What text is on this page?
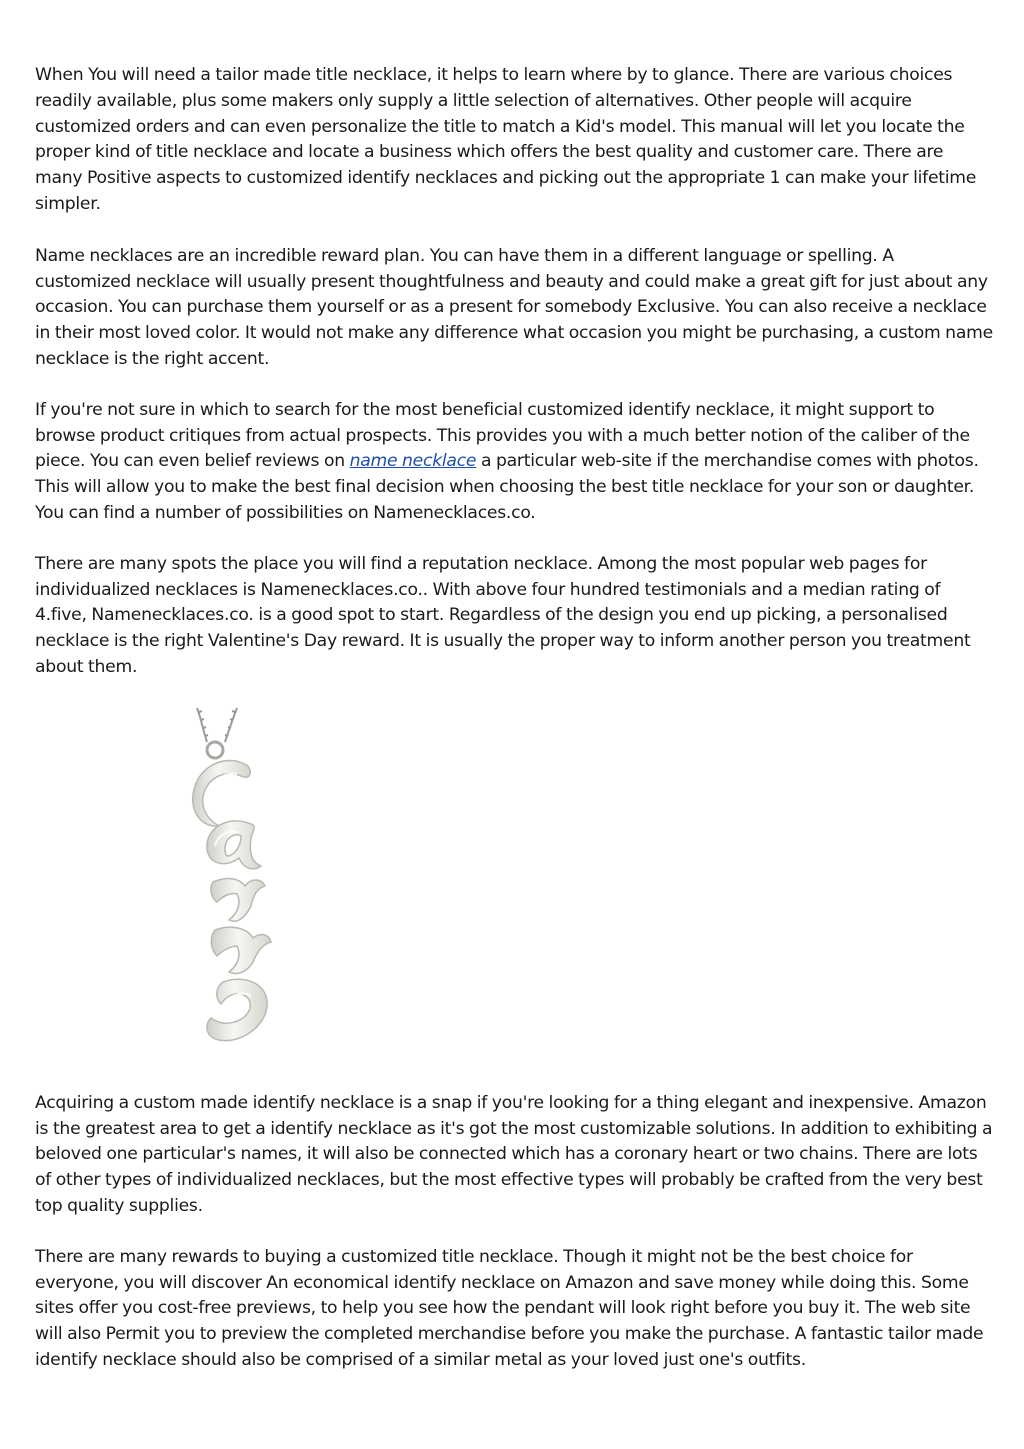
When You will need a tailor made title necklace, it helps to learn where by to glance. There are various choices readily available, plus some makers only supply a little selection of alternatives. Other people will acquire customized orders and can even personalize the title to match a Kid's model. This manual will let you locate the proper kind of title necklace and locate a business which offers the best quality and customer care. There are many Positive aspects to customized identify necklaces and picking out the appropriate 1 can make your lifetime simpler.

Name necklaces are an incredible reward plan. You can have them in a different language or spelling. A customized necklace will usually present thoughtfulness and beauty and could make a great gift for just about any occasion. You can purchase them yourself or as a present for somebody Exclusive. You can also receive a necklace in their most loved color. It would not make any difference what occasion you might be purchasing, a custom name necklace is the right accent.

If you're not sure in which to search for the most beneficial customized identify necklace, it might support to browse product critiques from actual prospects. This provides you with a much better notion of the caliber of the piece. You can even belief reviews on name necklace a particular web-site if the merchandise comes with photos. This will allow you to make the best final decision when choosing the best title necklace for your son or daughter. You can find a number of possibilities on Namenecklaces.co.

There are many spots the place you will find a reputation necklace. Among the most popular web pages for individualized necklaces is Namenecklaces.co.. With above four hundred testimonials and a median rating of 4.five, Namenecklaces.co. is a good spot to start. Regardless of the design you end up picking, a personalised necklace is the right Valentine's Day reward. It is usually the proper way to inform another person you treatment about them.

Acquiring a custom made identify necklace is a snap if you're looking for a thing elegant and inexpensive. Amazon is the greatest area to get a identify necklace as it's got the most customizable solutions. In addition to exhibiting a beloved one particular's names, it will also be connected which has a coronary heart or two chains. There are lots of other types of individualized necklaces, but the most effective types will probably be crafted from the very best top quality supplies.

There are many rewards to buying a customized title necklace. Though it might not be the best choice for everyone, you will discover An economical identify necklace on Amazon and save money while doing this. Some sites offer you cost-free previews, to help you see how the pendant will look right before you buy it. The web site will also Permit you to preview the completed merchandise before you make the purchase. A fantastic tailor made identify necklace should also be comprised of a similar metal as your loved just one's outfits.
